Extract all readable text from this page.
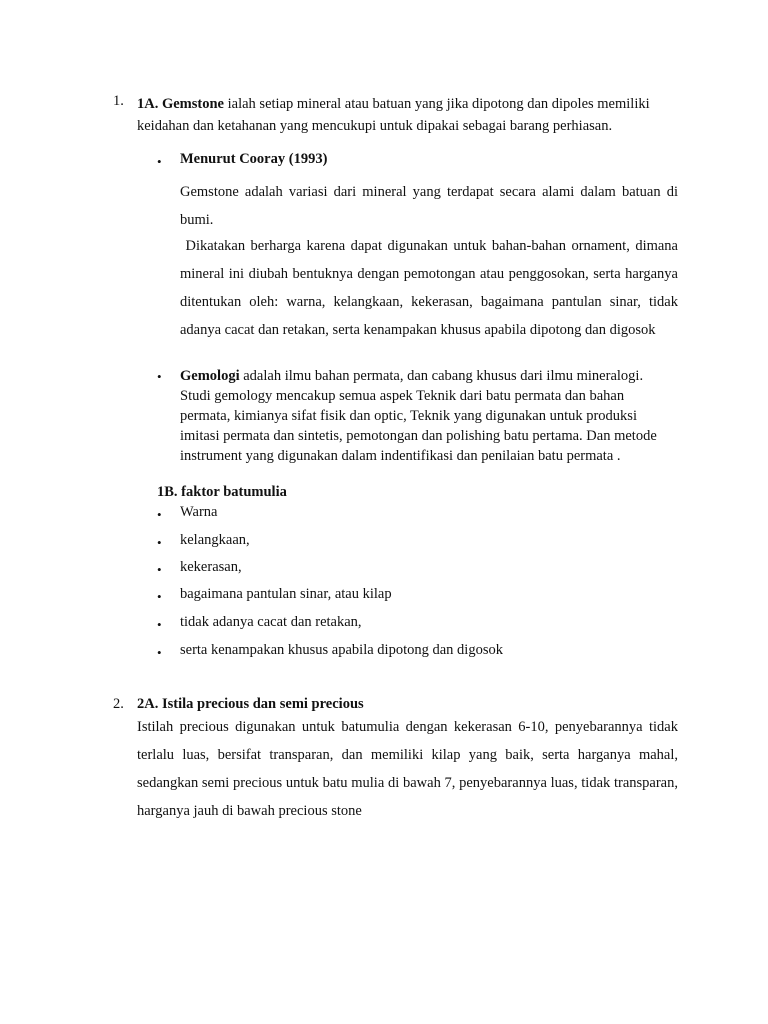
1. 1A. Gemstone ialah setiap mineral atau batuan yang jika dipotong dan dipoles memiliki keidahan dan ketahanan yang mencukupi untuk dipakai sebagai barang perhiasan.

• Menurut Cooray (1993)

Gemstone adalah variasi dari mineral yang terdapat secara alami dalam batuan di bumi.

Dikatakan berharga karena dapat digunakan untuk bahan-bahan ornament, dimana mineral ini diubah bentuknya dengan pemotongan atau penggosokan, serta harganya ditentukan oleh: warna, kelangkaan, kekerasan, bagaimana pantulan sinar, tidak adanya cacat dan retakan, serta kenampakan khusus apabila dipotong dan digosok

• Gemologi adalah ilmu bahan permata, dan cabang khusus dari ilmu mineralogi. Studi gemology mencakup semua aspek Teknik dari batu permata dan bahan permata, kimianya sifat fisik dan optic, Teknik yang digunakan untuk produksi imitasi permata dan sintetis, pemotongan dan polishing batu pertama. Dan metode instrument yang digunakan dalam indentifikasi dan penilaian batu permata .

1B. faktor batumulia

• Warna
• kelangkaan,
• kekerasan,
• bagaimana pantulan sinar, atau kilap
• tidak adanya cacat dan retakan,
• serta kenampakan khusus apabila dipotong dan digosok
2. 2A. Istila precious dan semi precious

Istilah precious digunakan untuk batumulia dengan kekerasan 6-10, penyebarannya tidak terlalu luas, bersifat transparan, dan memiliki kilap yang baik, serta harganya mahal, sedangkan semi precious untuk batu mulia di bawah 7, penyebarannya luas, tidak transparan, harganya jauh di bawah precious stone
